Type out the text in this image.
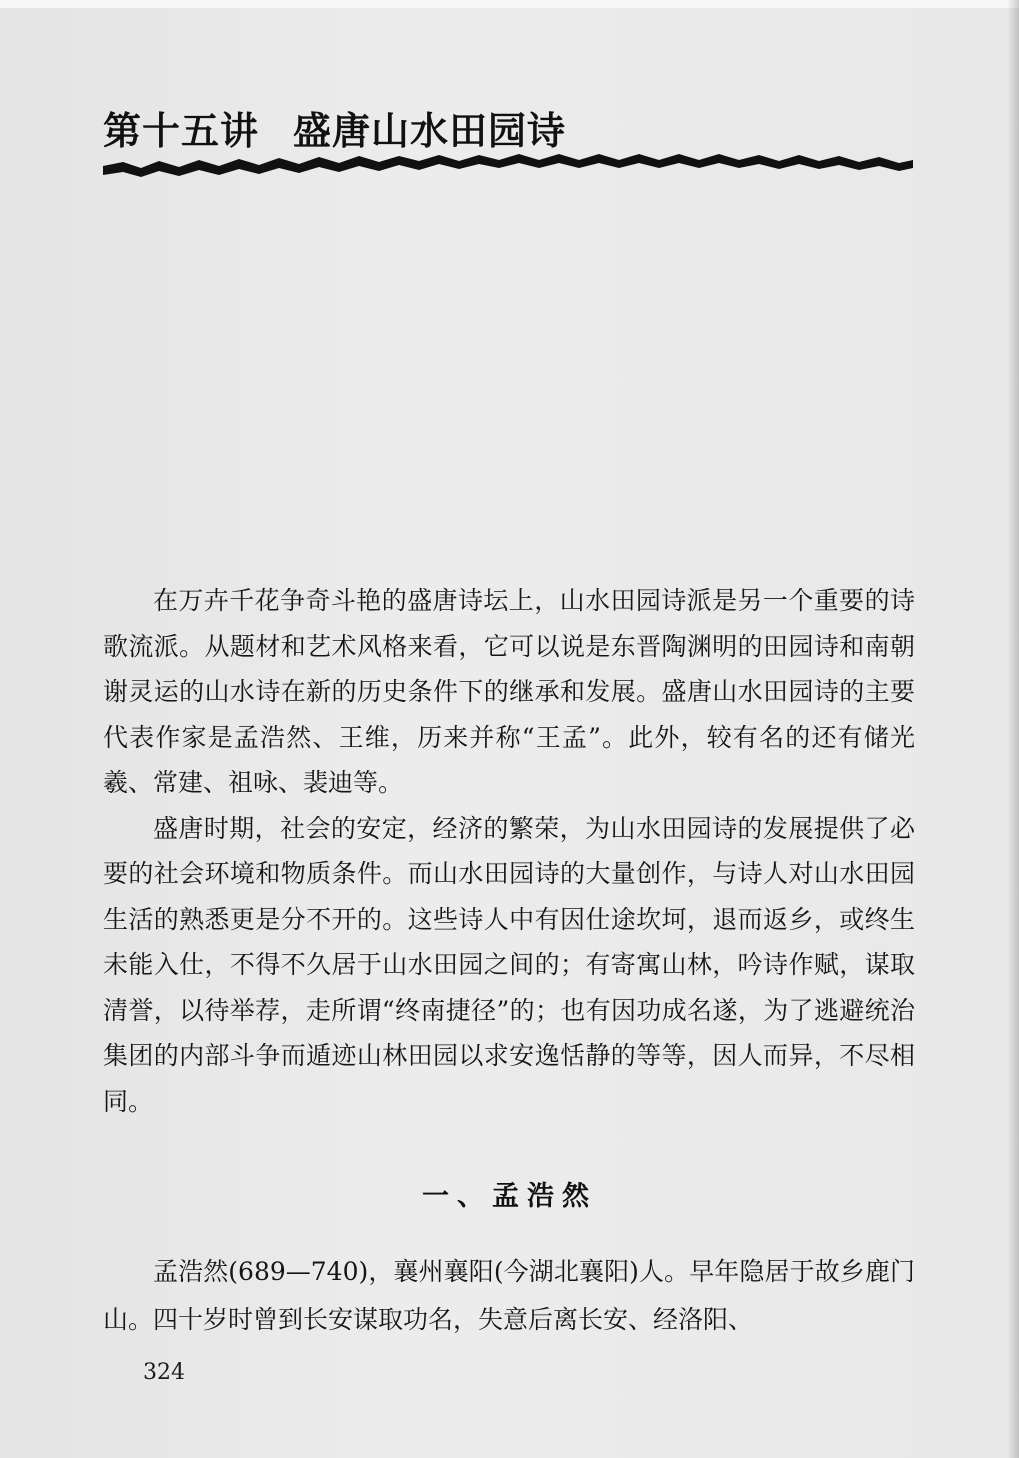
第十五讲 盛唐山水田园诗

在万卉千花争奇斗艳的盛唐诗坛上，山水田园诗派是另一个重要的诗歌流派。从题材和艺术风格来看，它可以说是东晋陶渊明的田园诗和南朝谢灵运的山水诗在新的历史条件下的继承和发展。盛唐山水田园诗的主要代表作家是孟浩然、王维，历来并称“王孟”。此外，较有名的还有储光羲、常建、祖咏、裴迪等。

盛唐时期，社会的安定，经济的繁荣，为山水田园诗的发展提供了必要的社会环境和物质条件。而山水田园诗的大量创作，与诗人对山水田园生活的熟悉更是分不开的。这些诗人中有因仕途坎坷，退而返乡，或终生未能入仕，不得不久居于山水田园之间的；有寄寓山林，吟诗作赋，谋取清誉，以待举荐，走所谓“终南捷径”的；也有因功成名遂，为了逃避统治集团的内部斗争而遁迹山林田园以求安逸恬静的等等，因人而异，不尽相同。

一、孟浩然

孟浩然(689—740)，襄州襄阳(今湖北襄阳)人。早年隐居于故乡鹿门山。四十岁时曾到长安谋取功名，失意后离长安、经洛阳、

324
